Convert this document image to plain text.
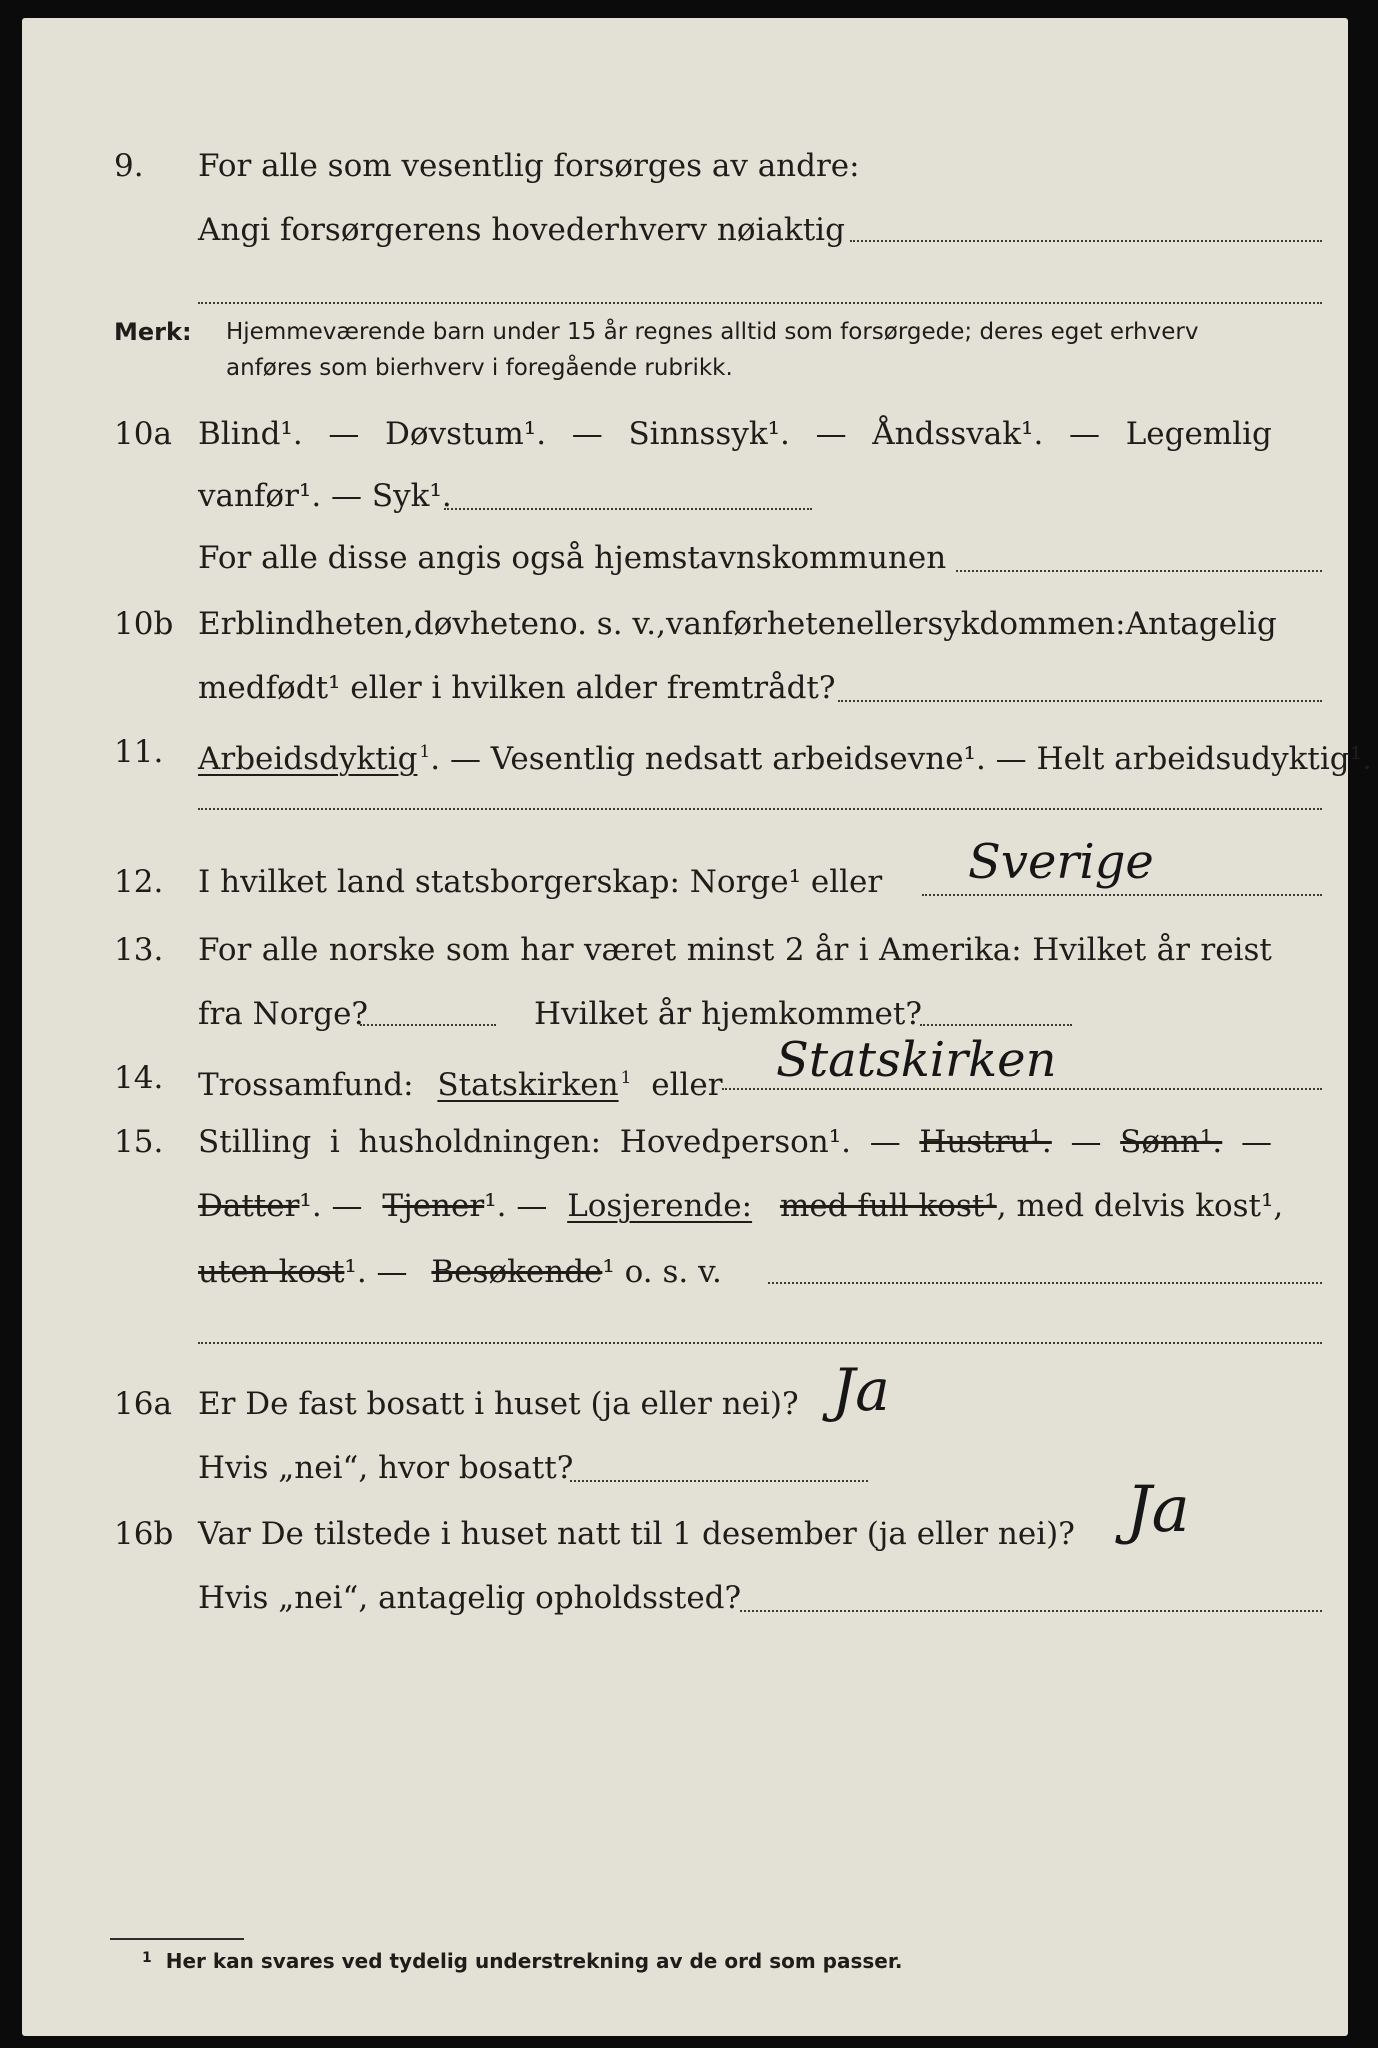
9.	For alle som vesentlig forsørges av andre:
Angi forsørgerens hovederhverv nøiaktig
Merk: Hjemmeværende barn under 15 år regnes alltid som forsørgede; deres eget erhverv
anføres som bierhverv i foregående rubrikk.
10a Blind¹. — Døvstum¹. — Sinnssyk¹. — Åndssvak¹. — Legemlig
vanfør¹. — Syk¹.
For alle disse angis også hjemstavnskommunen
10b Er blindheten, døvheten o. s. v., vanførheten eller sykdommen: Antagelig
medfødt¹ eller i hvilken alder fremtrådt?
11.	Arbeidsdyktig $^1$. — Vesentlig nedsatt arbeidsevne¹. — Helt arbeidsudyktig¹.
12.	I hvilket land statsborgerskap: Norge¹ eller Sverige
13.	For alle norske som har været minst 2 år i Amerika: Hvilket år reist
fra Norge?	Hvilket år hjemkommet?
14.	Trossamfund: Statskirken $^1$ eller Statskirken
15.	Stilling i husholdningen: Hovedperson¹. — Hustru¹. — Sønn¹. —
Datter¹. — Tjener¹. — Losjerende: med full kost¹, med delvis kost¹,
uten kost¹. — Besøkende¹ o. s. v.
16a Er De fast bosatt i huset (ja eller nei)? Ja
Hvis „nei“, hvor bosatt?
16b Var De tilstede i huset natt til 1 desember (ja eller nei)? Ja
Hvis „nei“, antagelig opholdssted?
$^1$ Her kan svares ved tydelig understrekning av de ord som passer.
